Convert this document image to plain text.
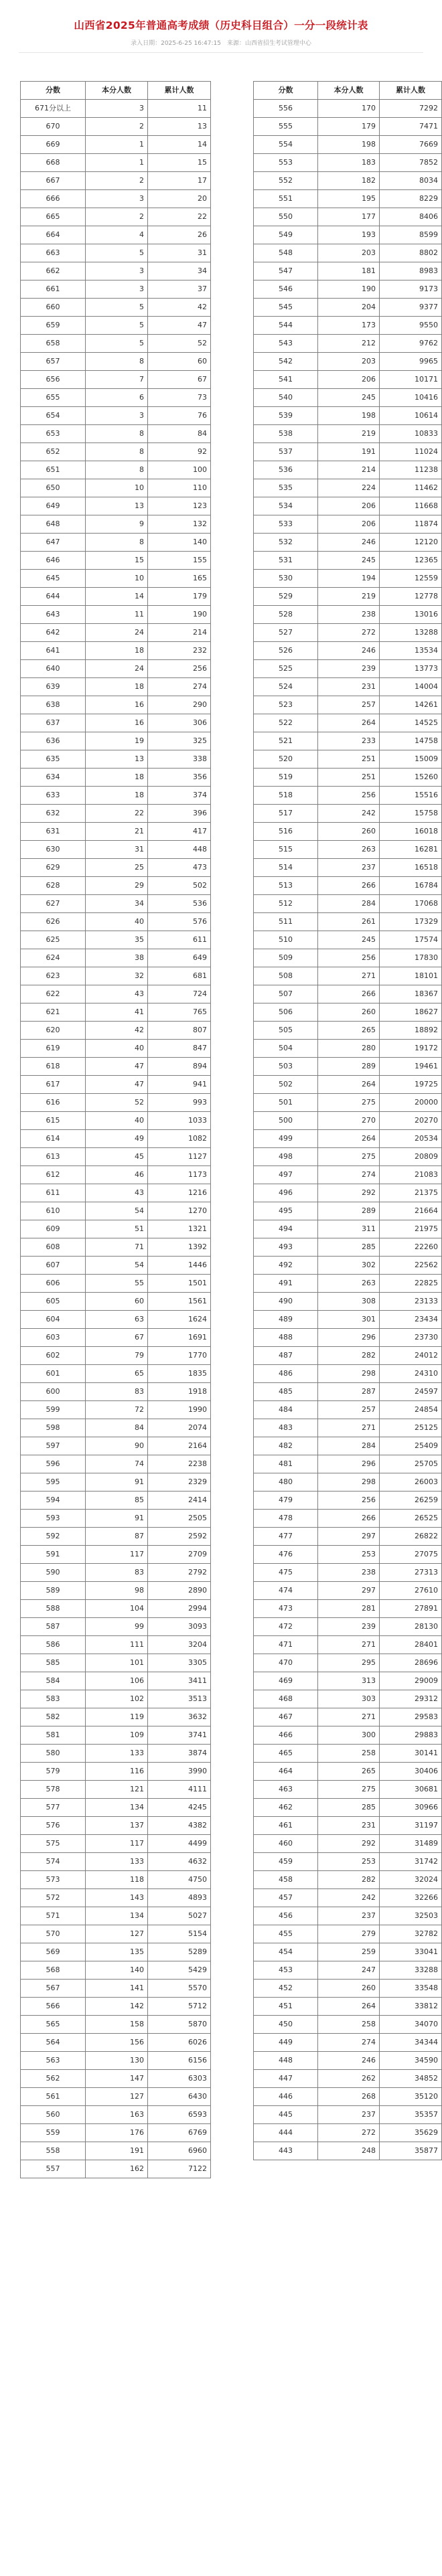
山西省2025年普通高考成绩（历史科目组合）一分一段统计表
录入日期：2025-6-25 16:47:15 来源：山西省招生考试管理中心
分数	本分人数	累计人数
671分以上	3	11
670	2	13
669	1	14
668	1	15
667	2	17
666	3	20
665	2	22
664	4	26
663	5	31
662	3	34
661	3	37
660	5	42
659	5	47
658	5	52
657	8	60
656	7	67
655	6	73
654	3	76
653	8	84
652	8	92
651	8	100
650	10	110
649	13	123
648	9	132
647	8	140
646	15	155
645	10	165
644	14	179
643	11	190
642	24	214
641	18	232
640	24	256
639	18	274
638	16	290
637	16	306
636	19	325
635	13	338
634	18	356
633	18	374
632	22	396
631	21	417
630	31	448
629	25	473
628	29	502
627	34	536
626	40	576
625	35	611
624	38	649
623	32	681
622	43	724
621	41	765
620	42	807
619	40	847
618	47	894
617	47	941
616	52	993
615	40	1033
614	49	1082
613	45	1127
612	46	1173
611	43	1216
610	54	1270
609	51	1321
608	71	1392
607	54	1446
606	55	1501
605	60	1561
604	63	1624
603	67	1691
602	79	1770
601	65	1835
600	83	1918
599	72	1990
598	84	2074
597	90	2164
596	74	2238
595	91	2329
594	85	2414
593	91	2505
592	87	2592
591	117	2709
590	83	2792
589	98	2890
588	104	2994
587	99	3093
586	111	3204
585	101	3305
584	106	3411
583	102	3513
582	119	3632
581	109	3741
580	133	3874
579	116	3990
578	121	4111
577	134	4245
576	137	4382
575	117	4499
574	133	4632
573	118	4750
572	143	4893
571	134	5027
570	127	5154
569	135	5289
568	140	5429
567	141	5570
566	142	5712
565	158	5870
564	156	6026
563	130	6156
562	147	6303
561	127	6430
560	163	6593
559	176	6769
558	191	6960
557	162	7122
分数	本分人数	累计人数
556	170	7292
555	179	7471
554	198	7669
553	183	7852
552	182	8034
551	195	8229
550	177	8406
549	193	8599
548	203	8802
547	181	8983
546	190	9173
545	204	9377
544	173	9550
543	212	9762
542	203	9965
541	206	10171
540	245	10416
539	198	10614
538	219	10833
537	191	11024
536	214	11238
535	224	11462
534	206	11668
533	206	11874
532	246	12120
531	245	12365
530	194	12559
529	219	12778
528	238	13016
527	272	13288
526	246	13534
525	239	13773
524	231	14004
523	257	14261
522	264	14525
521	233	14758
520	251	15009
519	251	15260
518	256	15516
517	242	15758
516	260	16018
515	263	16281
514	237	16518
513	266	16784
512	284	17068
511	261	17329
510	245	17574
509	256	17830
508	271	18101
507	266	18367
506	260	18627
505	265	18892
504	280	19172
503	289	19461
502	264	19725
501	275	20000
500	270	20270
499	264	20534
498	275	20809
497	274	21083
496	292	21375
495	289	21664
494	311	21975
493	285	22260
492	302	22562
491	263	22825
490	308	23133
489	301	23434
488	296	23730
487	282	24012
486	298	24310
485	287	24597
484	257	24854
483	271	25125
482	284	25409
481	296	25705
480	298	26003
479	256	26259
478	266	26525
477	297	26822
476	253	27075
475	238	27313
474	297	27610
473	281	27891
472	239	28130
471	271	28401
470	295	28696
469	313	29009
468	303	29312
467	271	29583
466	300	29883
465	258	30141
464	265	30406
463	275	30681
462	285	30966
461	231	31197
460	292	31489
459	253	31742
458	282	32024
457	242	32266
456	237	32503
455	279	32782
454	259	33041
453	247	33288
452	260	33548
451	264	33812
450	258	34070
449	274	34344
448	246	34590
447	262	34852
446	268	35120
445	237	35357
444	272	35629
443	248	35877
